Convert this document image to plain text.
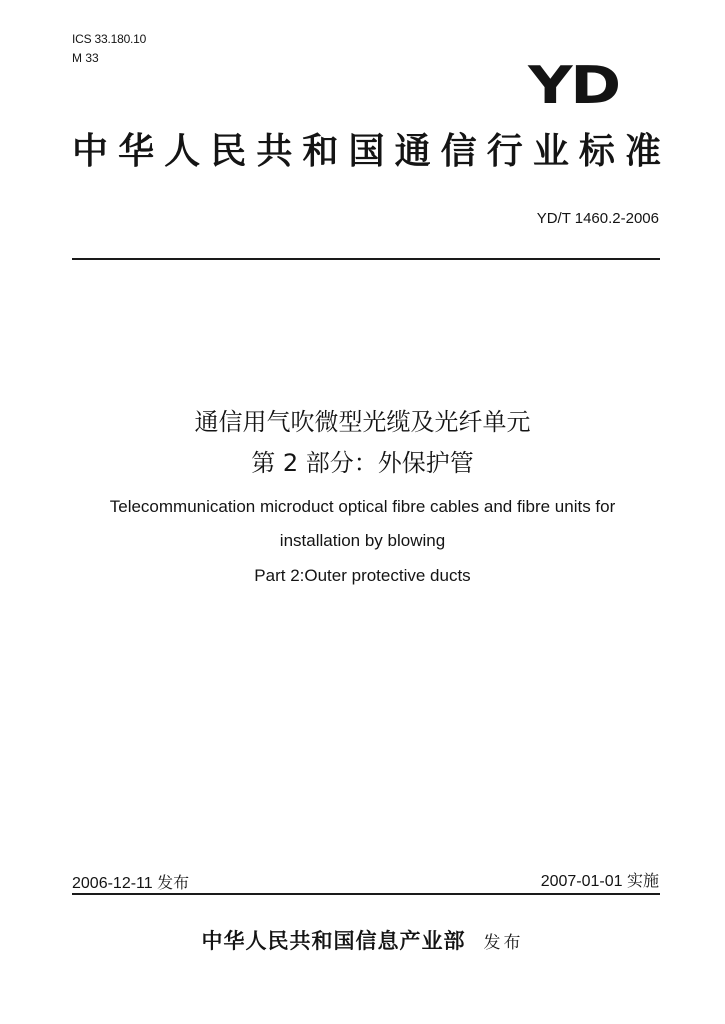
ICS 33.180.10
M 33	YD
中华人民共和国通信行业标准
YD/T 1460.2-2006
通信用气吹微型光缆及光纤单元
第 2 部分：外保护管
Telecommunication microduct optical fibre cables and fibre units for
installation by blowing
Part 2:Outer protective ducts
2006-12-11 发布	2007-01-01 实施
中华人民共和国信息产业部 发布
